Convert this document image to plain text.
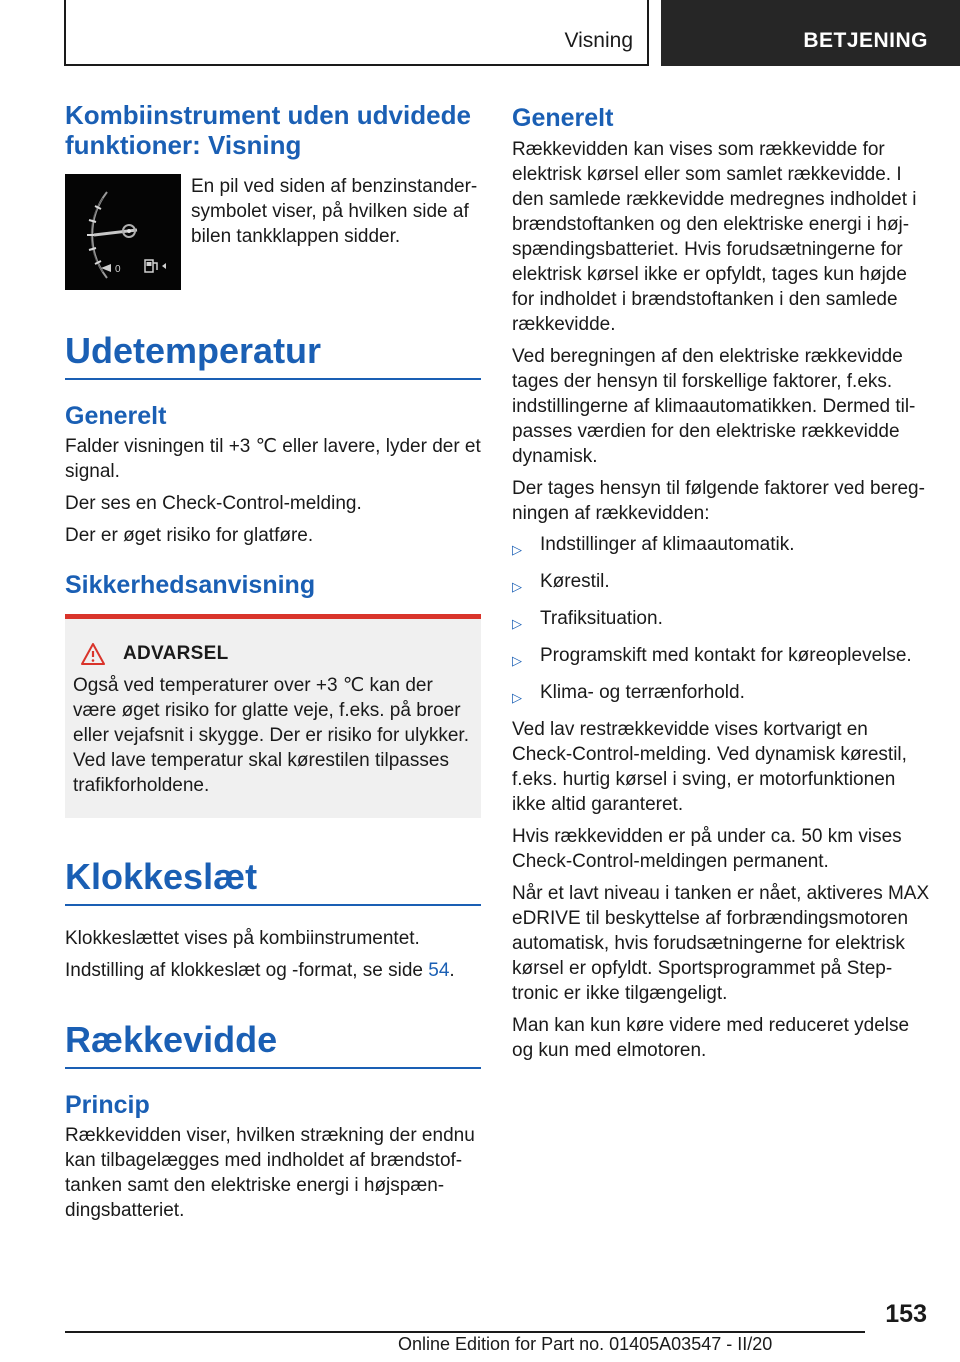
Visning	BETJENING
Kombiinstrument uden udvidede funktioner: Visning
0

En pil ved siden af benzinstander-symbolet viser, på hvilken side af bilen tankklappen sidder.

Udetemperatur
Generelt

Falder visningen til +3 ℃ eller lavere, lyder der et signal.

Der ses en Check-Control-melding.

Der er øget risiko for glatføre.

Sikkerhedsanvisning
ADVARSEL

Også ved temperaturer over +3 ℃ kan der være øget risiko for glatte veje, f.eks. på broer eller vejafsnit i skygge. Der er risiko for ulykker. Ved lave temperatur skal kørestilen tilpasses trafikforholdene.

Klokkeslæt

Klokkeslættet vises på kombiinstrumentet.

Indstilling af klokkeslæt og -format, se side 54.

Rækkevidde
Princip

Rækkevidden viser, hvilken strækning der endnu kan tilbagelægges med indholdet af brændstof-tanken samt den elektriske energi i højspæn-dingsbatteriet.

Generelt

Rækkevidden kan vises som rækkevidde for elektrisk kørsel eller som samlet rækkevidde. I den samlede rækkevidde medregnes indholdet i brændstoftanken og den elektriske energi i høj-spændingsbatteriet. Hvis forudsætningerne for elektrisk kørsel ikke er opfyldt, tages kun højde for indholdet i brændstoftanken i den samlede rækkevidde.

Ved beregningen af den elektriske rækkevidde tages der hensyn til forskellige faktorer, f.eks. indstillingerne af klimaautomatikken. Dermed til-passes værdien for den elektriske rækkevidde dynamisk.

Der tages hensyn til følgende faktorer ved bereg-ningen af rækkevidden:

▷ Indstillinger af klimaautomatik.
▷ Kørestil.
▷ Trafiksituation.
▷ Programskift med kontakt for køreoplevelse.
▷ Klima- og terrænforhold.

Ved lav restrækkevidde vises kortvarigt en Check-Control-melding. Ved dynamisk kørestil, f.eks. hurtig kørsel i sving, er motorfunktionen ikke altid garanteret.

Hvis rækkevidden er på under ca. 50 km vises Check-Control-meldingen permanent.

Når et lavt niveau i tanken er nået, aktiveres MAX eDRIVE til beskyttelse af forbrændingsmotoren automatisk, hvis forudsætningerne for elektrisk kørsel er opfyldt. Sportsprogrammet på Step-tronic er ikke tilgængeligt.

Man kan kun køre videre med reduceret ydelse og kun med elmotoren.

153
Online Edition for Part no. 01405A03547 - II/20
